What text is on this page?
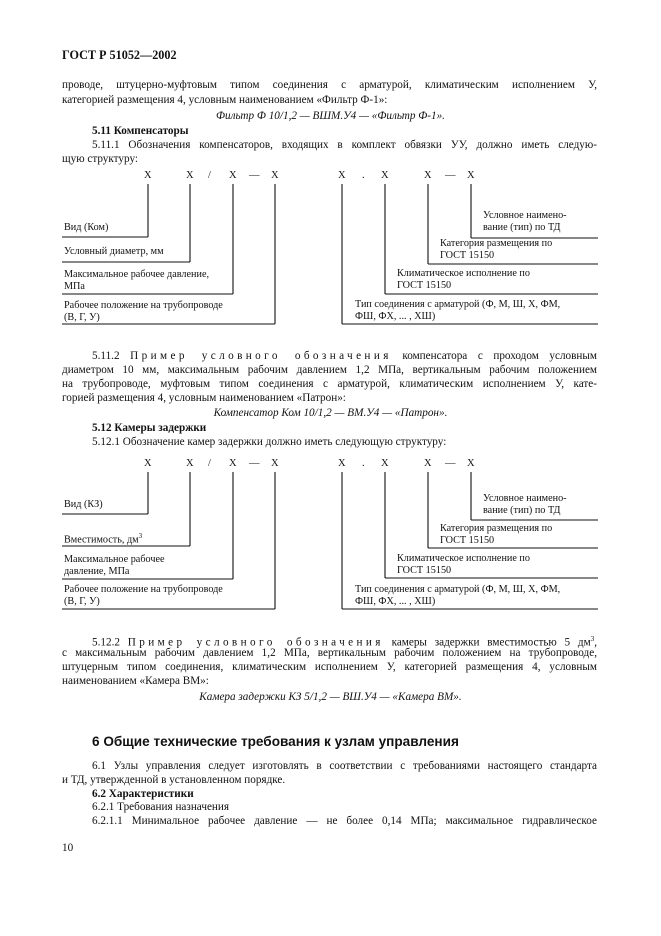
ГОСТ Р 51052—2002
проводе, штуцерно-муфтовым типом соединения с арматурой, климатическим исполнением У,
категорией размещения 4, условным наименованием «Фильтр Ф-1»:
Фильтр Ф 10/1,2 — ВШМ.У4 — «Фильтр Ф-1».
5.11 Компенсаторы
5.11.1 Обозначения компенсаторов, входящих в комплект обвязки УУ, должно иметь следую-
щую структуру:
Х	Х / Х — Х	Х . Х	Х — Х
Вид (Ком)
Условный диаметр, мм
Максимальное рабочее давление,
МПа
Рабочее положение на трубопроводе
(В, Г, У)
Условное наимено-
вание (тип) по ТД
Категория размещения по
ГОСТ 15150
Климатическое исполнение по
ГОСТ 15150
Тип соединения с арматурой (Ф, М, Ш, Х, ФМ,
ФШ, ФХ, ... , ХШ)
5.11.2 Пример условного обозначения компенсатора с проходом условным
диаметром 10 мм, максимальным рабочим давлением 1,2 МПа, вертикальным рабочим положением
на трубопроводе, муфтовым типом соединения с арматурой, климатическим исполнением У, кате-
горией размещения 4, условным наименованием «Патрон»:
Компенсатор Ком 10/1,2 — ВМ.У4 — «Патрон».
5.12 Камеры задержки
5.12.1 Обозначение камер задержки должно иметь следующую структуру:
Х	Х / Х — Х	Х . Х	Х — Х
Вид (КЗ)
Вместимость, $дм^3$
Максимальное рабочее
давление, МПа
Рабочее положение на трубопроводе
(В, Г, У)
Условное наимено-
вание (тип) по ТД
Категория размещения по
ГОСТ 15150
Климатическое исполнение по
ГОСТ 15150
Тип соединения с арматурой (Ф, М, Ш, Х, ФМ,
ФШ, ФХ, ... , ХШ)
5.12.2 Пример условного обозначения камеры задержки вместимостью 5 $дм^3$,
с максимальным рабочим давлением 1,2 МПа, вертикальным рабочим положением на трубопроводе,
штуцерным типом соединения, климатическим исполнением У, категорией размещения 4, условным
наименованием «Камера ВМ»:
Камера задержки КЗ 5/1,2 — ВШ.У4 — «Камера ВМ».
6 Общие технические требования к узлам управления
6.1 Узлы управления следует изготовлять в соответствии с требованиями настоящего стандарта
и ТД, утвержденной в установленном порядке.
6.2 Характеристики
6.2.1 Требования назначения
6.2.1.1 Минимальное рабочее давление — не более 0,14 МПа; максимальное гидравлическое
10
